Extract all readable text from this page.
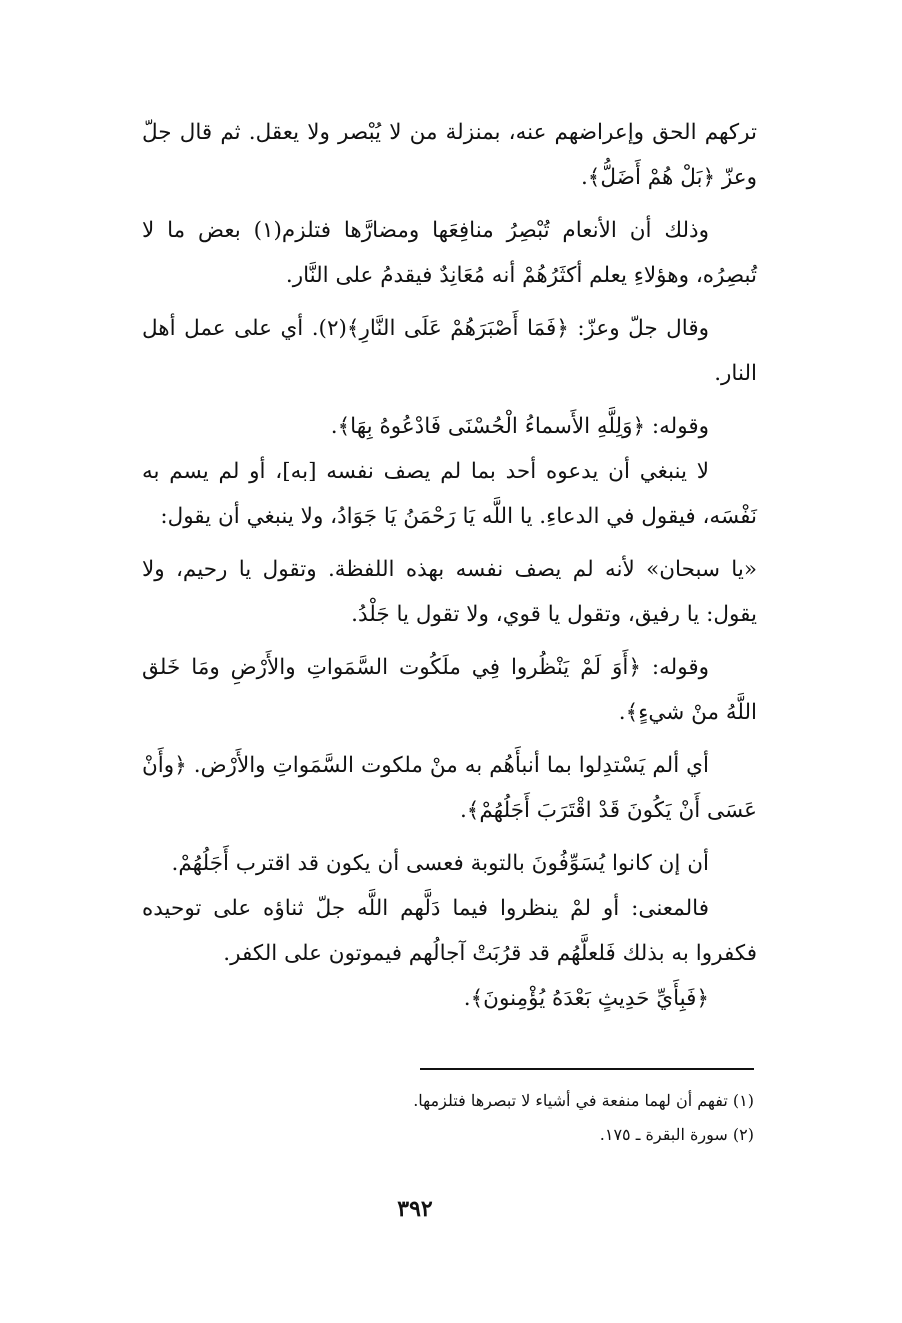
تركهم الحق وإعراضهم عنه، بمنزلة من لا يُبْصر ولا يعقل. ثم قال جلّ وعزّ ﴿بَلْ هُمْ أَضَلُّ﴾.

وذلك أن الأنعام تُبْصِرُ منافِعَها ومضارَّها فتلزم(١) بعض ما لا تُبصِرُه، وهؤلاءِ يعلم أكثَرُهُمْ أنه مُعَانِدٌ فيقدمُ على النَّار.

وقال جلّ وعزّ: ﴿فَمَا أَصْبَرَهُمْ عَلَى النَّارِ﴾(٢). أي على عمل أهل النار.

وقوله: ﴿وَلِلَّهِ الأَسماءُ الْحُسْنَى فَادْعُوهُ بِهَا﴾.

لا ينبغي أن يدعوه أحد بما لم يصف نفسه [به]، أو لم يسم به نَفْسَه، فيقول في الدعاءِ. يا اللَّه يَا رَحْمَنُ يَا جَوَادُ، ولا ينبغي أن يقول:

«يا سبحان» لأنه لم يصف نفسه بهذه اللفظة. وتقول يا رحيم، ولا يقول: يا رفيق، وتقول يا قوي، ولا تقول يا جَلْدُ.

وقوله: ﴿أَوَ لَمْ يَنْظُروا فِي ملَكُوت السَّمَواتِ والأَرْضِ ومَا خَلق اللَّهُ منْ شيءٍ﴾.

أي ألم يَسْتدِلوا بما أنبأَهُم به منْ ملكوت السَّمَواتِ والأَرْض. ﴿وأَنْ عَسَى أَنْ يَكُونَ قَدْ اقْتَرَبَ أَجَلُهُمْ﴾.

أن إن كانوا يُسَوِّفُونَ بالتوبة فعسى أن يكون قد اقترب أَجَلُهُمْ.

فالمعنى: أو لمْ ينظروا فيما دَلَّهم اللَّه جلّ ثناؤه على توحيده فكفروا به بذلك فَلعلَّهُم قد قرُبَتْ آجالُهم فيموتون على الكفر.

﴿فَبِأَيِّ حَدِيثٍ بَعْدَهُ يُؤْمِنونَ﴾.

(١) تفهم أن لهما منفعة في أشياء لا تبصرها فتلزمها.

(٢) سورة البقرة ـ ١٧٥.

٣٩٢
